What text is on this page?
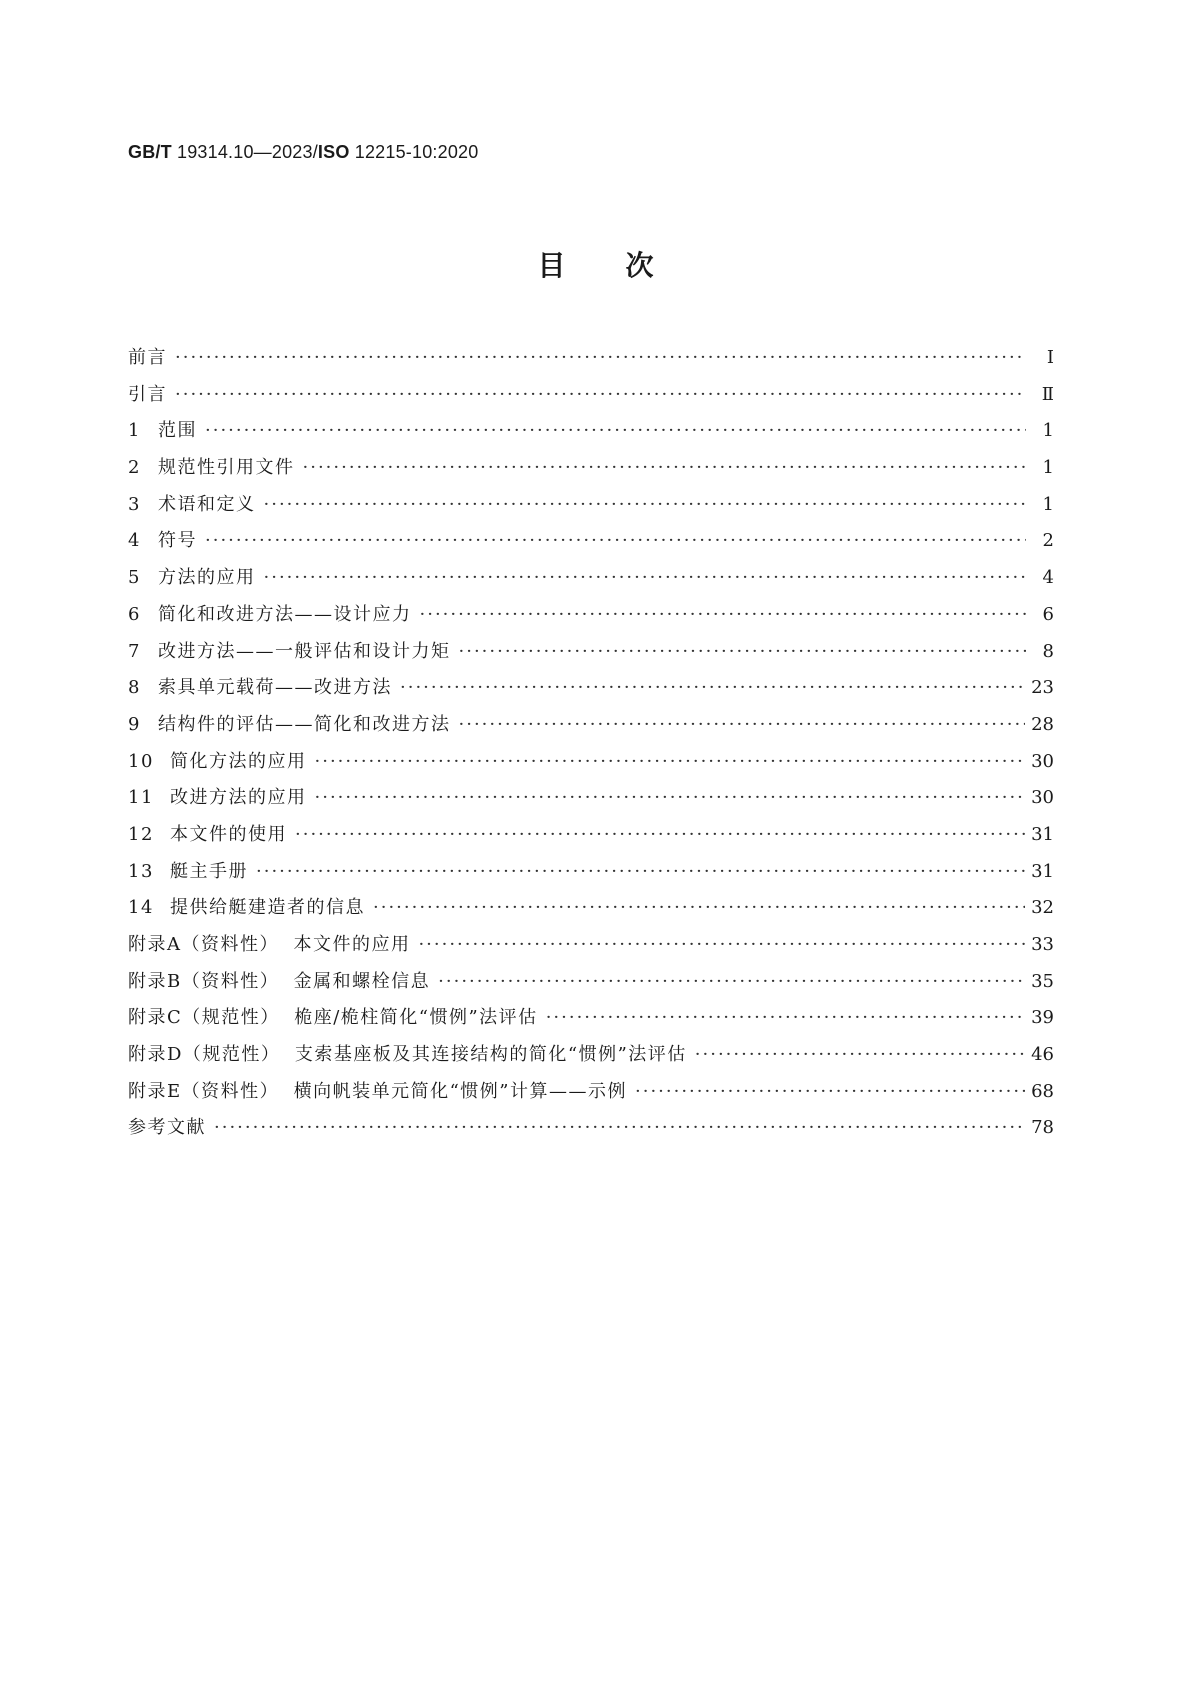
GB/T 19314.10—2023/ISO 12215-10:2020
目次
前言 ·····	Ⅰ
引言 ·····	Ⅱ
1 范围 ·····	1
2 规范性引用文件 ·····	1
3 术语和定义 ·····	1
4 符号 ·····	2
5 方法的应用 ·····	4
6 简化和改进方法——设计应力 ·····	6
7 改进方法——一般评估和设计力矩 ·····	8
8 索具单元载荷——改进方法 ·····	23
9 结构件的评估——简化和改进方法 ·····	28
10 简化方法的应用 ·····	30
11 改进方法的应用 ·····	30
12 本文件的使用 ·····	31
13 艇主手册 ·····	31
14 提供给艇建造者的信息 ·····	32
附录A（资料性）  本文件的应用 ·····	33
附录B（资料性）  金属和螺栓信息 ·····	35
附录C（规范性）  桅座/桅柱简化“惯例”法评估 ·····	39
附录D（规范性）  支索基座板及其连接结构的简化“惯例”法评估 ·····	46
附录E（资料性）  横向帆装单元简化“惯例”计算——示例 ·····	68
参考文献 ·····	78
